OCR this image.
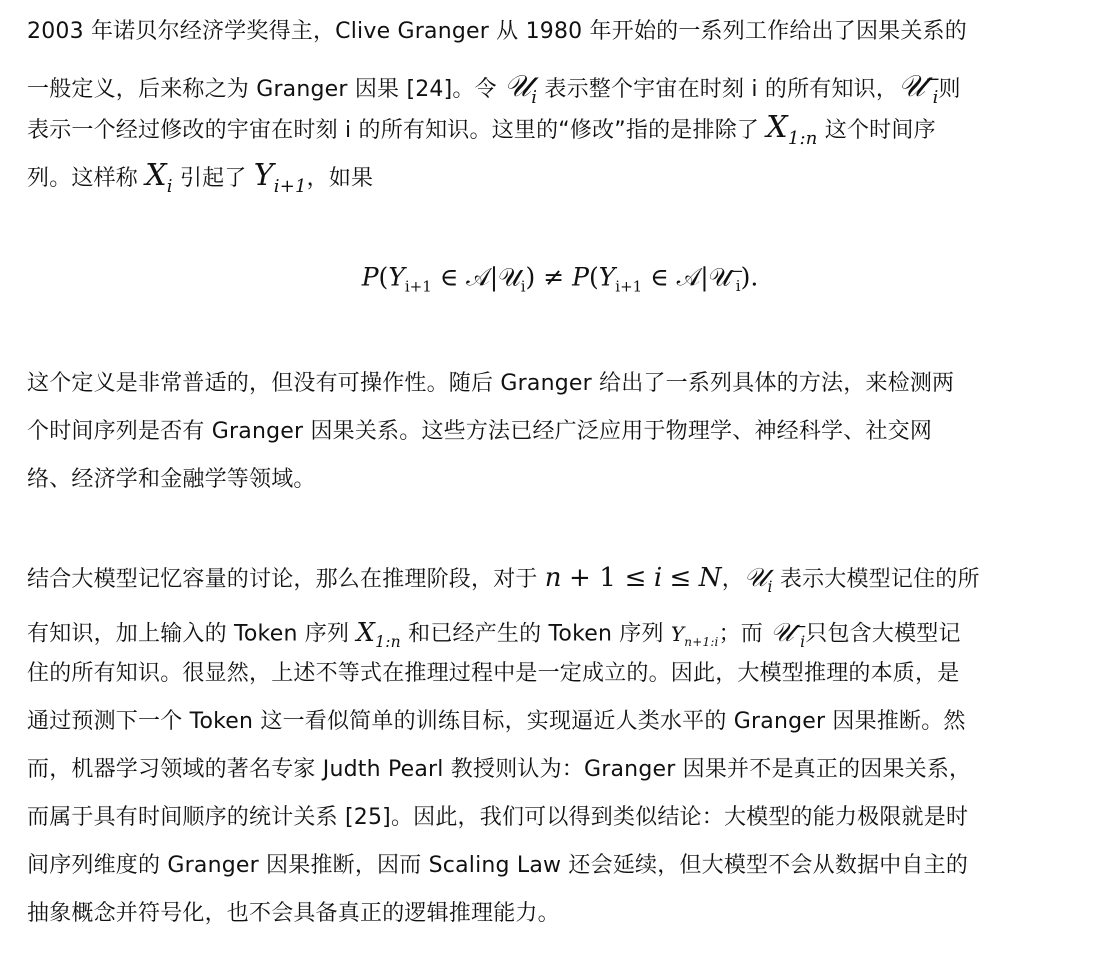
2003 年诺贝尔经济学奖得主，Clive Granger 从 1980 年开始的一系列工作给出了因果关系的
一般定义，后来称之为 Granger 因果 [24]。令 𝒰$_i$ 表示整个宇宙在时刻 i 的所有知识，𝒰−$_i$则
表示一个经过修改的宇宙在时刻 i 的所有知识。这里的“修改”指的是排除了 $X_{1:n}$ 这个时间序
列。这样称 $X_i$ 引起了 $Y_{i+1}$，如果
$P(Y_{i+1}$ ∈ 𝒜|𝒰$_i$) ≠ $P(Y_{i+1}$ ∈ 𝒜|𝒰−$_i$).
这个定义是非常普适的，但没有可操作性。随后 Granger 给出了一系列具体的方法，来检测两
个时间序列是否有 Granger 因果关系。这些方法已经广泛应用于物理学、神经科学、社交网
络、经济学和金融学等领域。
结合大模型记忆容量的讨论，那么在推理阶段，对于 n + 1 ≤ i ≤ N，𝒰$_i$ 表示大模型记住的所
有知识，加上输入的 Token 序列 $X_{1:n}$ 和已经产生的 Token 序列 $Y_{n+1:i}$；而 𝒰−$_i$只包含大模型记
住的所有知识。很显然，上述不等式在推理过程中是一定成立的。因此，大模型推理的本质，是
通过预测下一个 Token 这一看似简单的训练目标，实现逼近人类水平的 Granger 因果推断。然
而，机器学习领域的著名专家 Judth Pearl 教授则认为：Granger 因果并不是真正的因果关系，
而属于具有时间顺序的统计关系 [25]。因此，我们可以得到类似结论：大模型的能力极限就是时
间序列维度的 Granger 因果推断，因而 Scaling Law 还会延续，但大模型不会从数据中自主的
抽象概念并符号化，也不会具备真正的逻辑推理能力。
